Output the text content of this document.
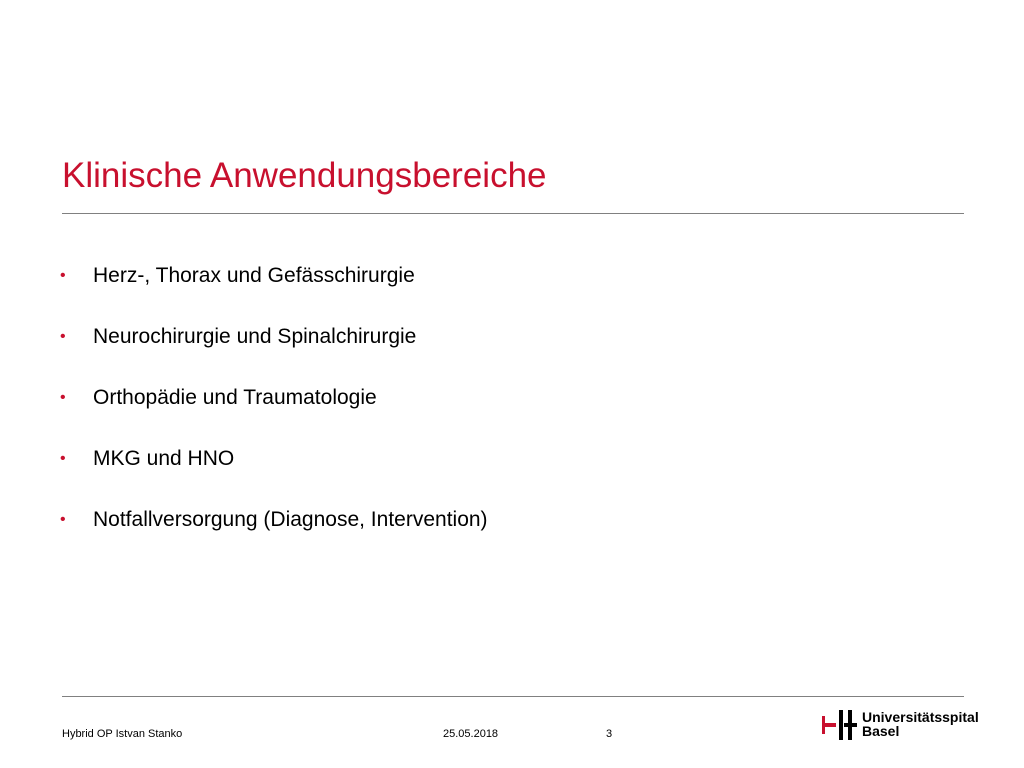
Klinische Anwendungsbereiche
• Herz-, Thorax und Gefässchirurgie
• Neurochirurgie und Spinalchirurgie
• Orthopädie und Traumatologie
• MKG und HNO
• Notfallversorgung (Diagnose, Intervention)
Hybrid OP Istvan Stanko	25.05.2018	3
Universitätsspital
Basel
